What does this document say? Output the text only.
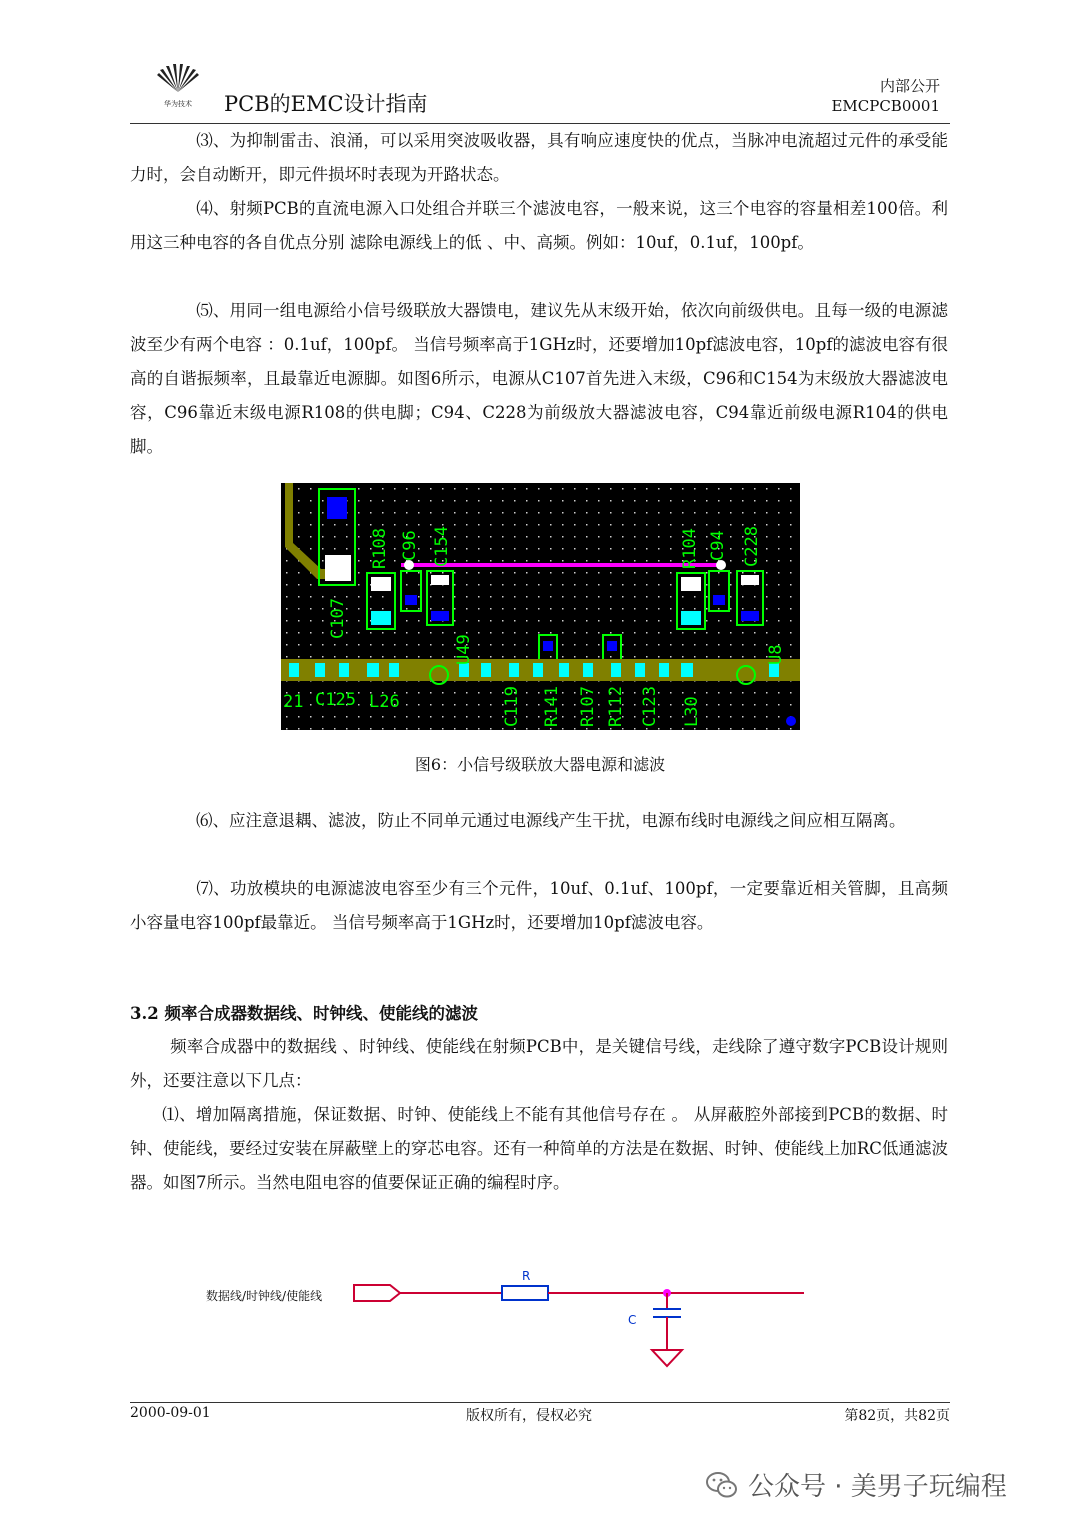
华为技术 PCB的EMC设计指南
内部公开
EMCPCB0001
⑶、为抑制雷击、浪涌，可以采用突波吸收器，具有响应速度快的优点，当脉冲电流超过元件的承受能力时，会自动断开，即元件损坏时表现为开路状态。
⑷、射频PCB的直流电源入口处组合并联三个滤波电容，一般来说，这三个电容的容量相差100倍。利用这三种电容的各自优点分别 滤除电源线上的低 、中、高频。例如：10uf，0.1uf，100pf。
⑸、用同一组电源给小信号级联放大器馈电，建议先从末级开始，依次向前级供电。且每一级的电源滤波至少有两个电容 ：0.1uf，100pf。 当信号频率高于1GHz时，还要增加10pf滤波电容，10pf的滤波电容有很高的自谐振频率，且最靠近电源脚。如图6所示，电源从C107首先进入末级，C96和C154为末级放大器滤波电容，C96靠近末级电源R108的供电脚；C94、C228为前级放大器滤波电容，C94靠近前级电源R104的供电脚。
C107
R108 C96 C154
U49
R104 C94 C228
U8
21 C125 L26	C119 R141 R107 R112 C123 L30
图6：小信号级联放大器电源和滤波
⑹、应注意退耦、滤波，防止不同单元通过电源线产生干扰，电源布线时电源线之间应相互隔离。
⑺、功放模块的电源滤波电容至少有三个元件，10uf、0.1uf、100pf，一定要靠近相关管脚，且高频小容量电容100pf最靠近。 当信号频率高于1GHz时，还要增加10pf滤波电容。
3.2 频率合成器数据线、时钟线、使能线的滤波
频率合成器中的数据线 、时钟线、使能线在射频PCB中，是关键信号线，走线除了遵守数字PCB设计规则外，还要注意以下几点：
⑴、增加隔离措施，保证数据、时钟、使能线上不能有其他信号存在 。 从屏蔽腔外部接到PCB的数据、时钟、使能线，要经过安装在屏蔽壁上的穿芯电容。还有一种简单的方法是在数据、时钟、使能线上加RC低通滤波器。如图7所示。当然电阻电容的值要保证正确的编程时序。
数据线/时钟线/使能线
R
C
2000-09-01	版权所有，侵权必究	第82页，共82页
公众号 · 美男子玩编程
